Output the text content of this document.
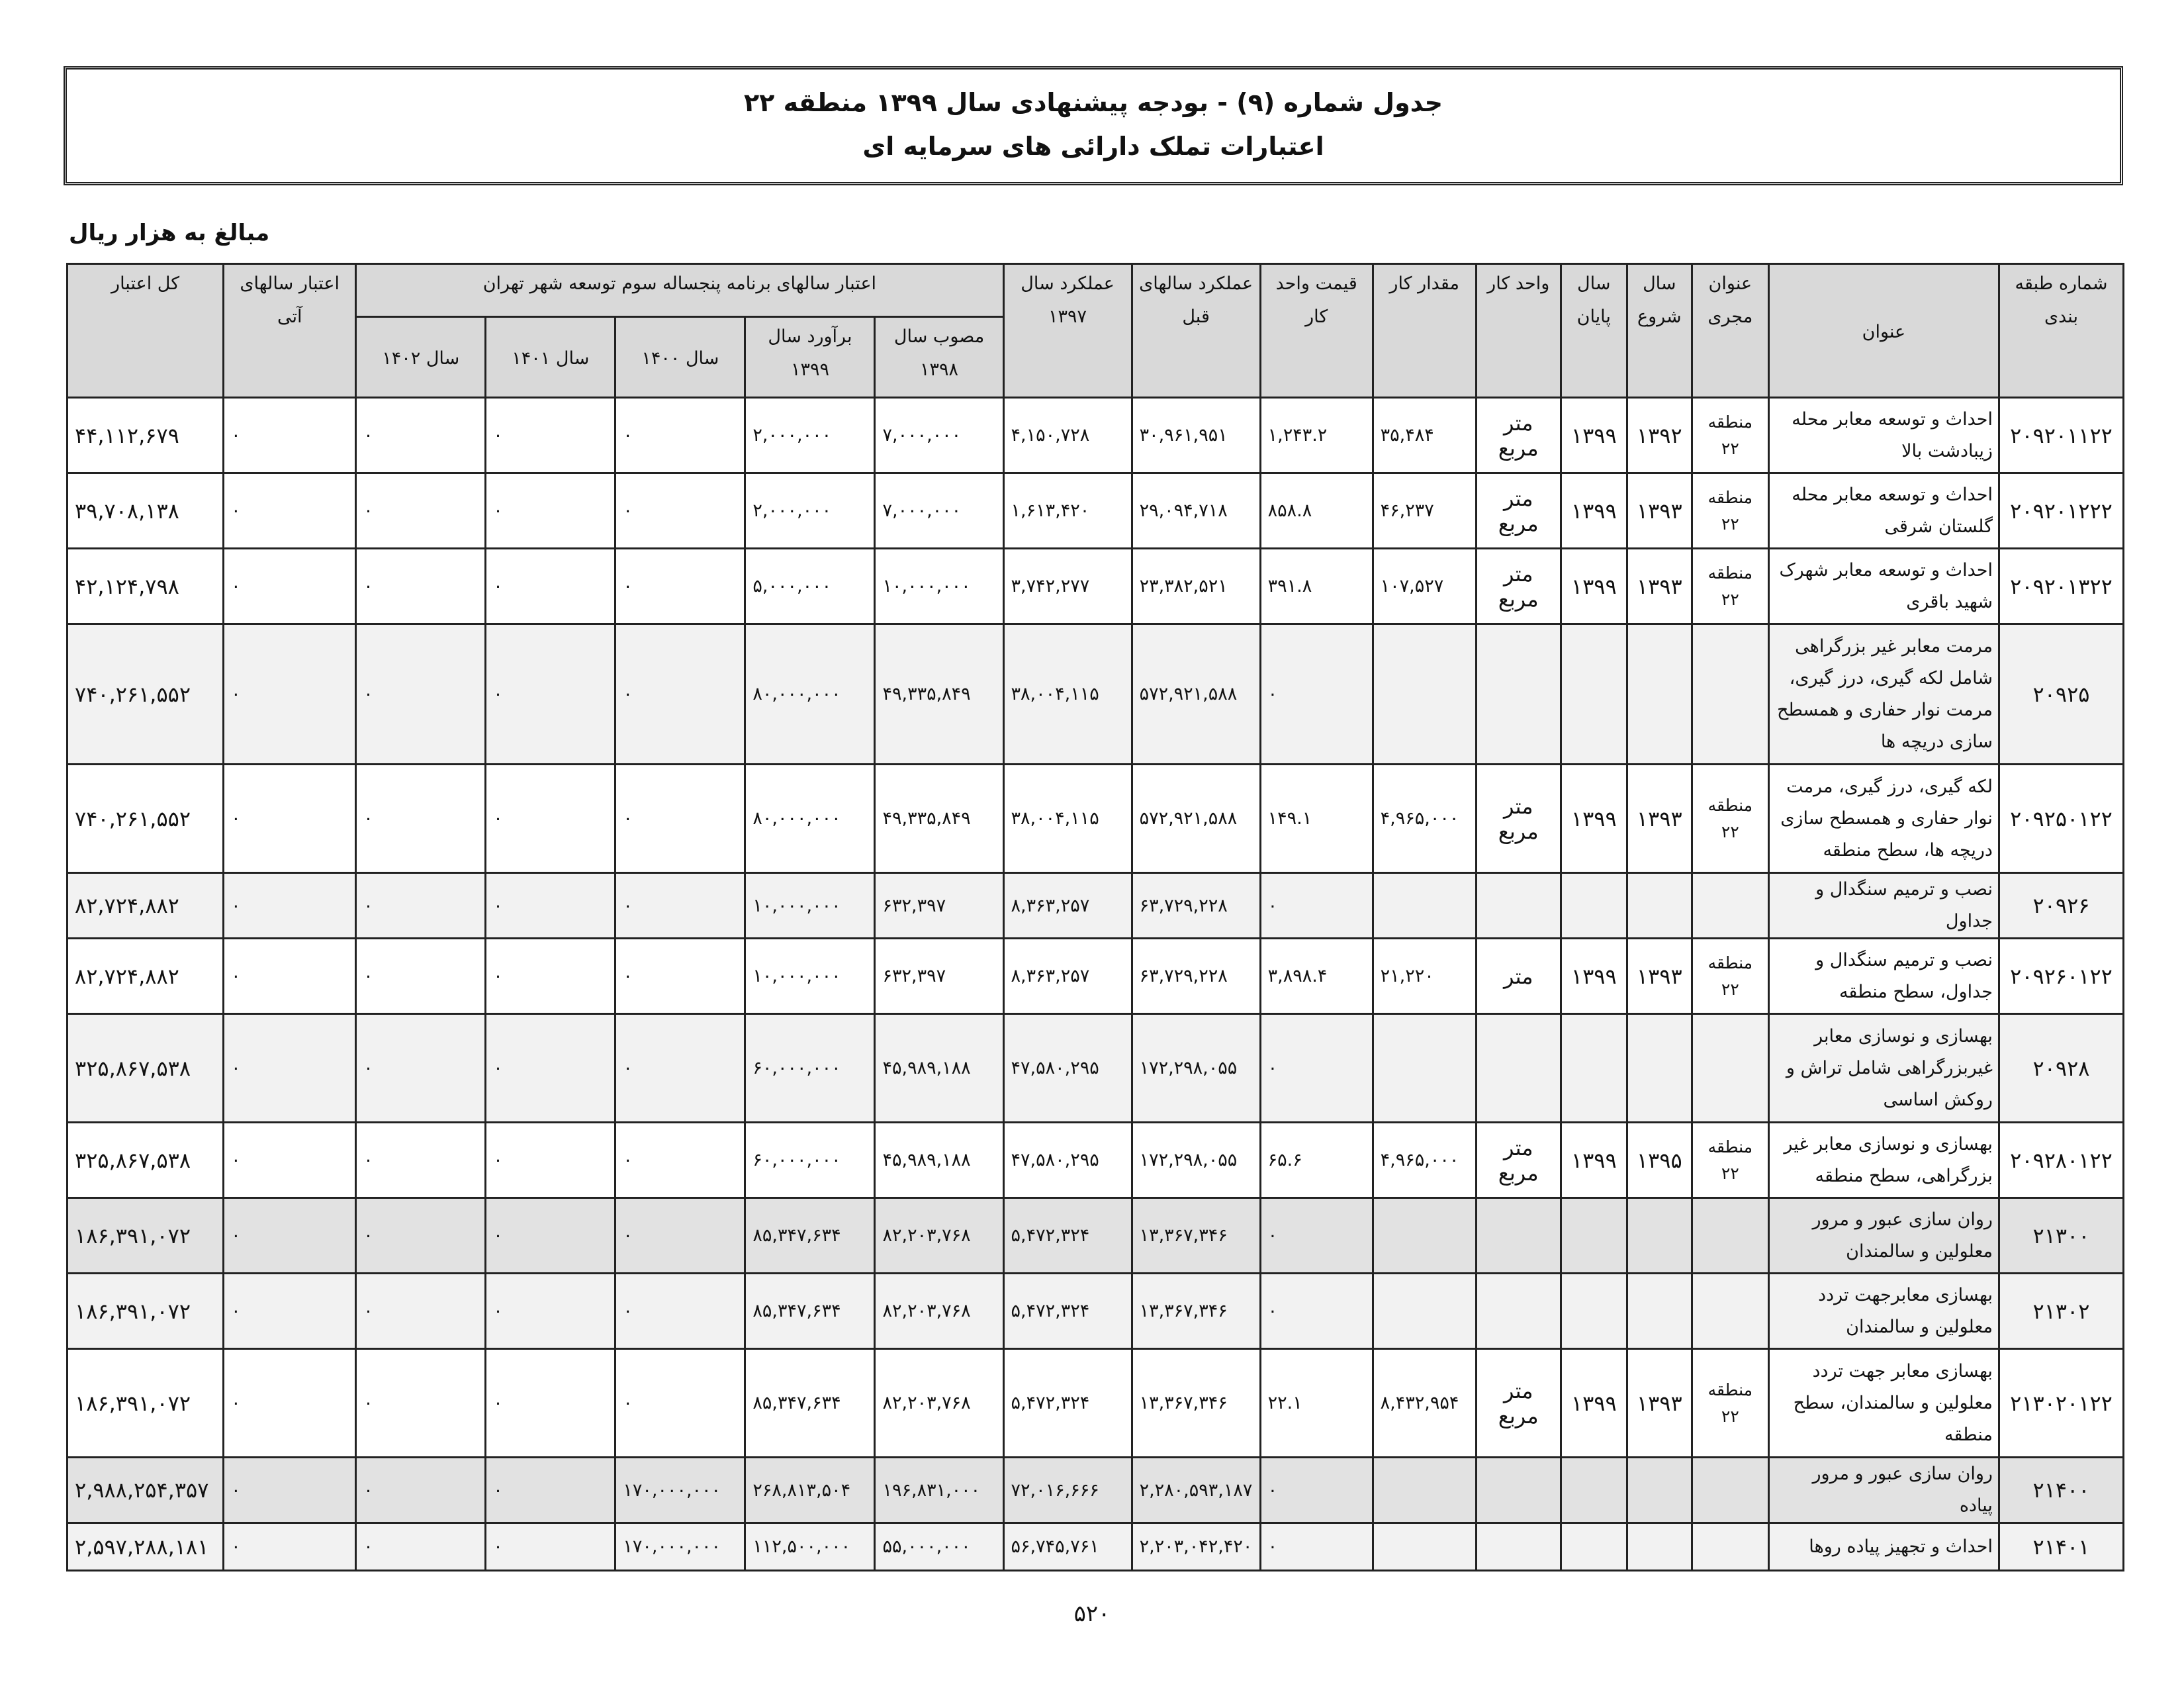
جدول شماره (۹) - بودجه پیشنهادی سال ۱۳۹۹ منطقه ۲۲
اعتبارات تملک دارائی های سرمایه ای
مبالغ به هزار ریال
شماره طبقه بندی	عنوان	عنوان مجری	سال شروع	سال پایان	واحد کار	مقدار کار	قیمت واحد کار	عملکرد سالهای قبل	عملکرد سال ۱۳۹۷	اعتبار سالهای برنامه پنجساله سوم توسعه شهر تهران					اعتبار سالهای آتی	کل اعتبار
										مصوب سال ۱۳۹۸	برآورد سال ۱۳۹۹	سال ۱۴۰۰	سال ۱۴۰۱	سال ۱۴۰۲		
۲۰۹۲۰۱۱۲۲	احداث و توسعه معابر محله زیبادشت بالا	منطقه ۲۲	۱۳۹۲	۱۳۹۹	متر مربع	۳۵,۴۸۴	۱,۲۴۳.۲	۳۰,۹۶۱,۹۵۱	۴,۱۵۰,۷۲۸	۷,۰۰۰,۰۰۰	۲,۰۰۰,۰۰۰	۰	۰	۰	۰	۴۴,۱۱۲,۶۷۹
۲۰۹۲۰۱۲۲۲	احداث و توسعه معابر محله گلستان شرقی	منطقه ۲۲	۱۳۹۳	۱۳۹۹	متر مربع	۴۶,۲۳۷	۸۵۸.۸	۲۹,۰۹۴,۷۱۸	۱,۶۱۳,۴۲۰	۷,۰۰۰,۰۰۰	۲,۰۰۰,۰۰۰	۰	۰	۰	۰	۳۹,۷۰۸,۱۳۸
۲۰۹۲۰۱۳۲۲	احداث و توسعه معابر شهرک شهید باقری	منطقه ۲۲	۱۳۹۳	۱۳۹۹	متر مربع	۱۰۷,۵۲۷	۳۹۱.۸	۲۳,۳۸۲,۵۲۱	۳,۷۴۲,۲۷۷	۱۰,۰۰۰,۰۰۰	۵,۰۰۰,۰۰۰	۰	۰	۰	۰	۴۲,۱۲۴,۷۹۸
۲۰۹۲۵	مرمت معابر غیر بزرگراهی شامل لکه گیری، درز گیری، مرمت نوار حفاری و همسطح سازی دریچه ها						۰	۵۷۲,۹۲۱,۵۸۸	۳۸,۰۰۴,۱۱۵	۴۹,۳۳۵,۸۴۹	۸۰,۰۰۰,۰۰۰	۰	۰	۰	۰	۷۴۰,۲۶۱,۵۵۲
۲۰۹۲۵۰۱۲۲	لکه گیری، درز گیری، مرمت نوار حفاری و همسطح سازی دریچه ها، سطح منطقه	منطقه ۲۲	۱۳۹۳	۱۳۹۹	متر مربع	۴,۹۶۵,۰۰۰	۱۴۹.۱	۵۷۲,۹۲۱,۵۸۸	۳۸,۰۰۴,۱۱۵	۴۹,۳۳۵,۸۴۹	۸۰,۰۰۰,۰۰۰	۰	۰	۰	۰	۷۴۰,۲۶۱,۵۵۲
۲۰۹۲۶	نصب و ترمیم سنگدال و جداول						۰	۶۳,۷۲۹,۲۲۸	۸,۳۶۳,۲۵۷	۶۳۲,۳۹۷	۱۰,۰۰۰,۰۰۰	۰	۰	۰	۰	۸۲,۷۲۴,۸۸۲
۲۰۹۲۶۰۱۲۲	نصب و ترمیم سنگدال و جداول، سطح منطقه	منطقه ۲۲	۱۳۹۳	۱۳۹۹	متر	۲۱,۲۲۰	۳,۸۹۸.۴	۶۳,۷۲۹,۲۲۸	۸,۳۶۳,۲۵۷	۶۳۲,۳۹۷	۱۰,۰۰۰,۰۰۰	۰	۰	۰	۰	۸۲,۷۲۴,۸۸۲
۲۰۹۲۸	بهسازی و نوسازی معابر غیربزرگراهی شامل تراش و روکش اساسی						۰	۱۷۲,۲۹۸,۰۵۵	۴۷,۵۸۰,۲۹۵	۴۵,۹۸۹,۱۸۸	۶۰,۰۰۰,۰۰۰	۰	۰	۰	۰	۳۲۵,۸۶۷,۵۳۸
۲۰۹۲۸۰۱۲۲	بهسازی و نوسازی معابر غیر بزرگراهی، سطح منطقه	منطقه ۲۲	۱۳۹۵	۱۳۹۹	متر مربع	۴,۹۶۵,۰۰۰	۶۵.۶	۱۷۲,۲۹۸,۰۵۵	۴۷,۵۸۰,۲۹۵	۴۵,۹۸۹,۱۸۸	۶۰,۰۰۰,۰۰۰	۰	۰	۰	۰	۳۲۵,۸۶۷,۵۳۸
۲۱۳۰۰	روان سازی عبور و مرور معلولین و سالمندان						۰	۱۳,۳۶۷,۳۴۶	۵,۴۷۲,۳۲۴	۸۲,۲۰۳,۷۶۸	۸۵,۳۴۷,۶۳۴	۰	۰	۰	۰	۱۸۶,۳۹۱,۰۷۲
۲۱۳۰۲	بهسازی معابرجهت تردد معلولین و سالمندان						۰	۱۳,۳۶۷,۳۴۶	۵,۴۷۲,۳۲۴	۸۲,۲۰۳,۷۶۸	۸۵,۳۴۷,۶۳۴	۰	۰	۰	۰	۱۸۶,۳۹۱,۰۷۲
۲۱۳۰۲۰۱۲۲	بهسازی معابر جهت تردد معلولین و سالمندان، سطح منطقه	منطقه ۲۲	۱۳۹۳	۱۳۹۹	متر مربع	۸,۴۳۲,۹۵۴	۲۲.۱	۱۳,۳۶۷,۳۴۶	۵,۴۷۲,۳۲۴	۸۲,۲۰۳,۷۶۸	۸۵,۳۴۷,۶۳۴	۰	۰	۰	۰	۱۸۶,۳۹۱,۰۷۲
۲۱۴۰۰	روان سازی عبور و مرور پیاده						۰	۲,۲۸۰,۵۹۳,۱۸۷	۷۲,۰۱۶,۶۶۶	۱۹۶,۸۳۱,۰۰۰	۲۶۸,۸۱۳,۵۰۴	۱۷۰,۰۰۰,۰۰۰	۰	۰	۰	۲,۹۸۸,۲۵۴,۳۵۷
۲۱۴۰۱	احداث و تجهیز پیاده روها						۰	۲,۲۰۳,۰۴۲,۴۲۰	۵۶,۷۴۵,۷۶۱	۵۵,۰۰۰,۰۰۰	۱۱۲,۵۰۰,۰۰۰	۱۷۰,۰۰۰,۰۰۰	۰	۰	۰	۲,۵۹۷,۲۸۸,۱۸۱
۵۲۰
